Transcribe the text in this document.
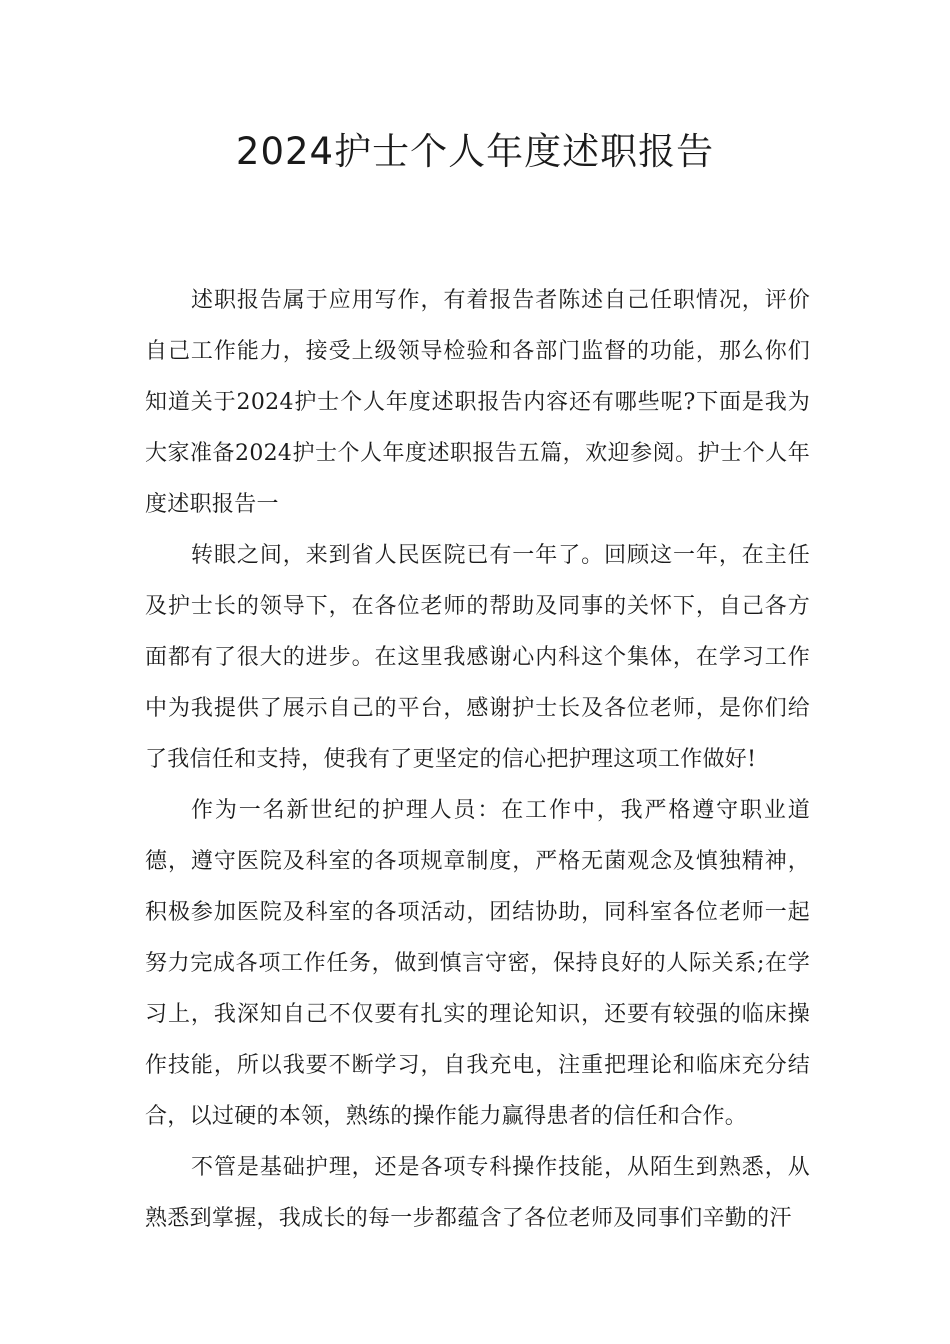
2024护士个人年度述职报告

述职报告属于应用写作，有着报告者陈述自己任职情况，评价自己工作能力，接受上级领导检验和各部门监督的功能，那么你们知道关于2024护士个人年度述职报告内容还有哪些呢?下面是我为大家准备2024护士个人年度述职报告五篇，欢迎参阅。护士个人年度述职报告一

转眼之间，来到省人民医院已有一年了。回顾这一年，在主任及护士长的领导下，在各位老师的帮助及同事的关怀下，自己各方面都有了很大的进步。在这里我感谢心内科这个集体，在学习工作中为我提供了展示自己的平台，感谢护士长及各位老师，是你们给了我信任和支持，使我有了更坚定的信心把护理这项工作做好!

作为一名新世纪的护理人员：在工作中，我严格遵守职业道德，遵守医院及科室的各项规章制度，严格无菌观念及慎独精神，积极参加医院及科室的各项活动，团结协助，同科室各位老师一起努力完成各项工作任务，做到慎言守密，保持良好的人际关系;在学习上，我深知自己不仅要有扎实的理论知识，还要有较强的临床操作技能，所以我要不断学习，自我充电，注重把理论和临床充分结合，以过硬的本领，熟练的操作能力赢得患者的信任和合作。

不管是基础护理，还是各项专科操作技能，从陌生到熟悉，从熟悉到掌握，我成长的每一步都蕴含了各位老师及同事们辛勤的汗
